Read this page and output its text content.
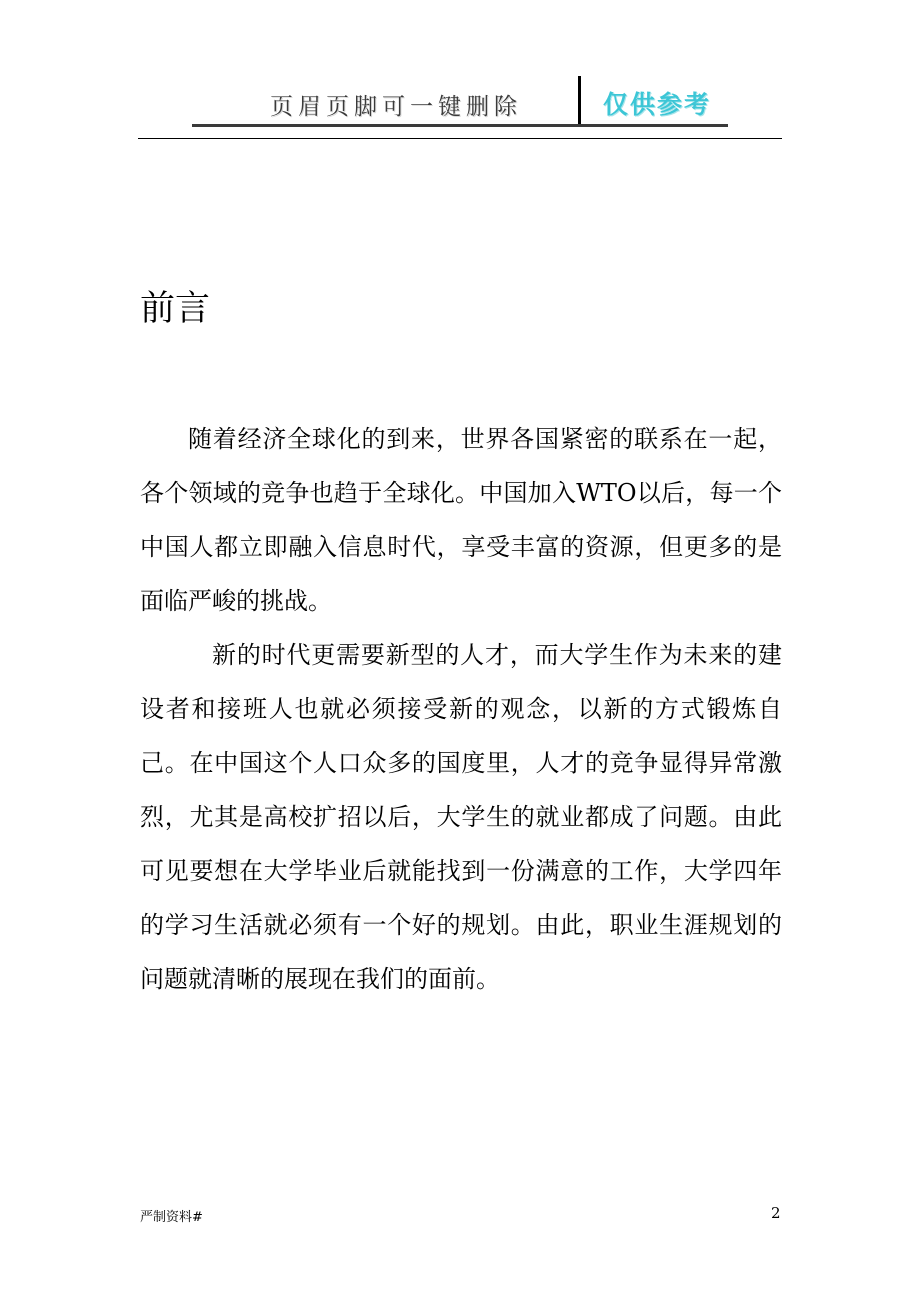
页眉页脚可一键删除	仅供参考
前言

随着经济全球化的到来，世界各国紧密的联系在一起，各个领域的竞争也趋于全球化。中国加入WTO以后，每一个中国人都立即融入信息时代，享受丰富的资源，但更多的是面临严峻的挑战。

新的时代更需要新型的人才，而大学生作为未来的建设者和接班人也就必须接受新的观念，以新的方式锻炼自己。在中国这个人口众多的国度里，人才的竞争显得异常激烈，尤其是高校扩招以后，大学生的就业都成了问题。由此可见要想在大学毕业后就能找到一份满意的工作，大学四年的学习生活就必须有一个好的规划。由此，职业生涯规划的问题就清晰的展现在我们的面前。

严制资料#	2
